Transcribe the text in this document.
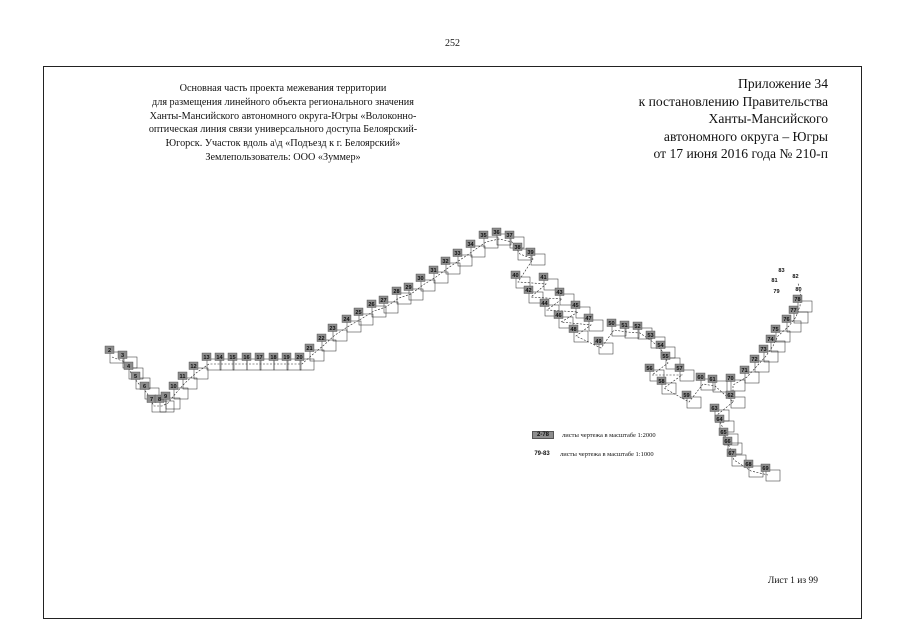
252
Основная часть проекта межевания территории
для размещения линейного объекта регионального значения
Ханты-Мансийского автономного округа-Югры «Волоконно-
оптическая линия связи универсального доступа Белоярский-
Югорск. Участок вдоль а\д «Подъезд к г. Белоярский»
Землепользователь: ООО «Зуммер»
Приложение 34
к постановлению Правительства
Ханты-Мансийского
автономного округа – Югры
от 17 июня 2016 года № 210-п
2
3
4
5
6
7 8 9
10
11
12
13 14 15 16 17 18 19 20
21
22
23
24
25
26
27
28
29
30
31
32
33
34
35 36 37
38
39
40	41
42	43
44	45
46	47
48
49
50 51 52
53
54
55
56	57
58
59
60 61
62
63
64
65
66
67
68
69
70
71
72
73
74
75
76
77
78
79	80
81
82
83
2-78	листы чертежа в масштабе 1:2000
79-83	листы чертежа в масштабе 1:1000
Лист 1 из 99
